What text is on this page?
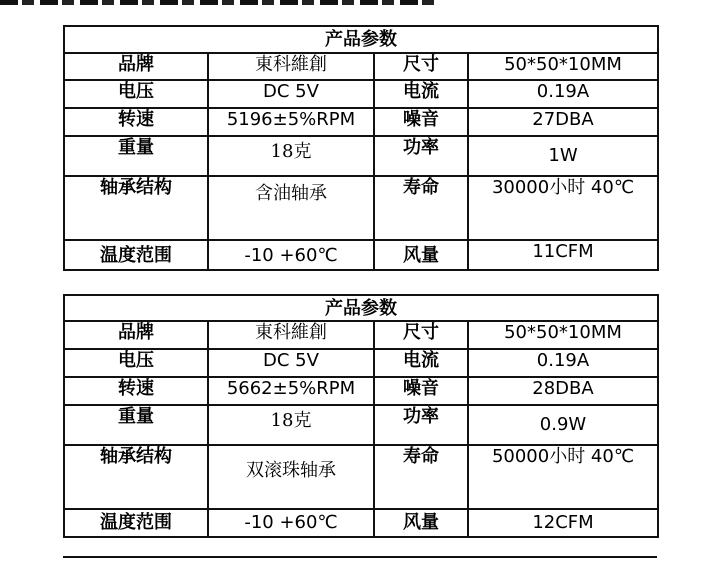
产品参数			
品牌	東科維創	尺寸	50*50*10MM
电压	DC 5V	电流	0.19A
转速	5196±5%RPM	噪音	27DBA
重量	18克	功率	1W
轴承结构	含油轴承	寿命	30000小时 40℃
温度范围	-10 +60℃	风量	11CFM
产品参数			
品牌	東科維創	尺寸	50*50*10MM
电压	DC 5V	电流	0.19A
转速	5662±5%RPM	噪音	28DBA
重量	18克	功率	0.9W
轴承结构	双滚珠轴承	寿命	50000小时 40℃
温度范围	-10 +60℃	风量	12CFM
